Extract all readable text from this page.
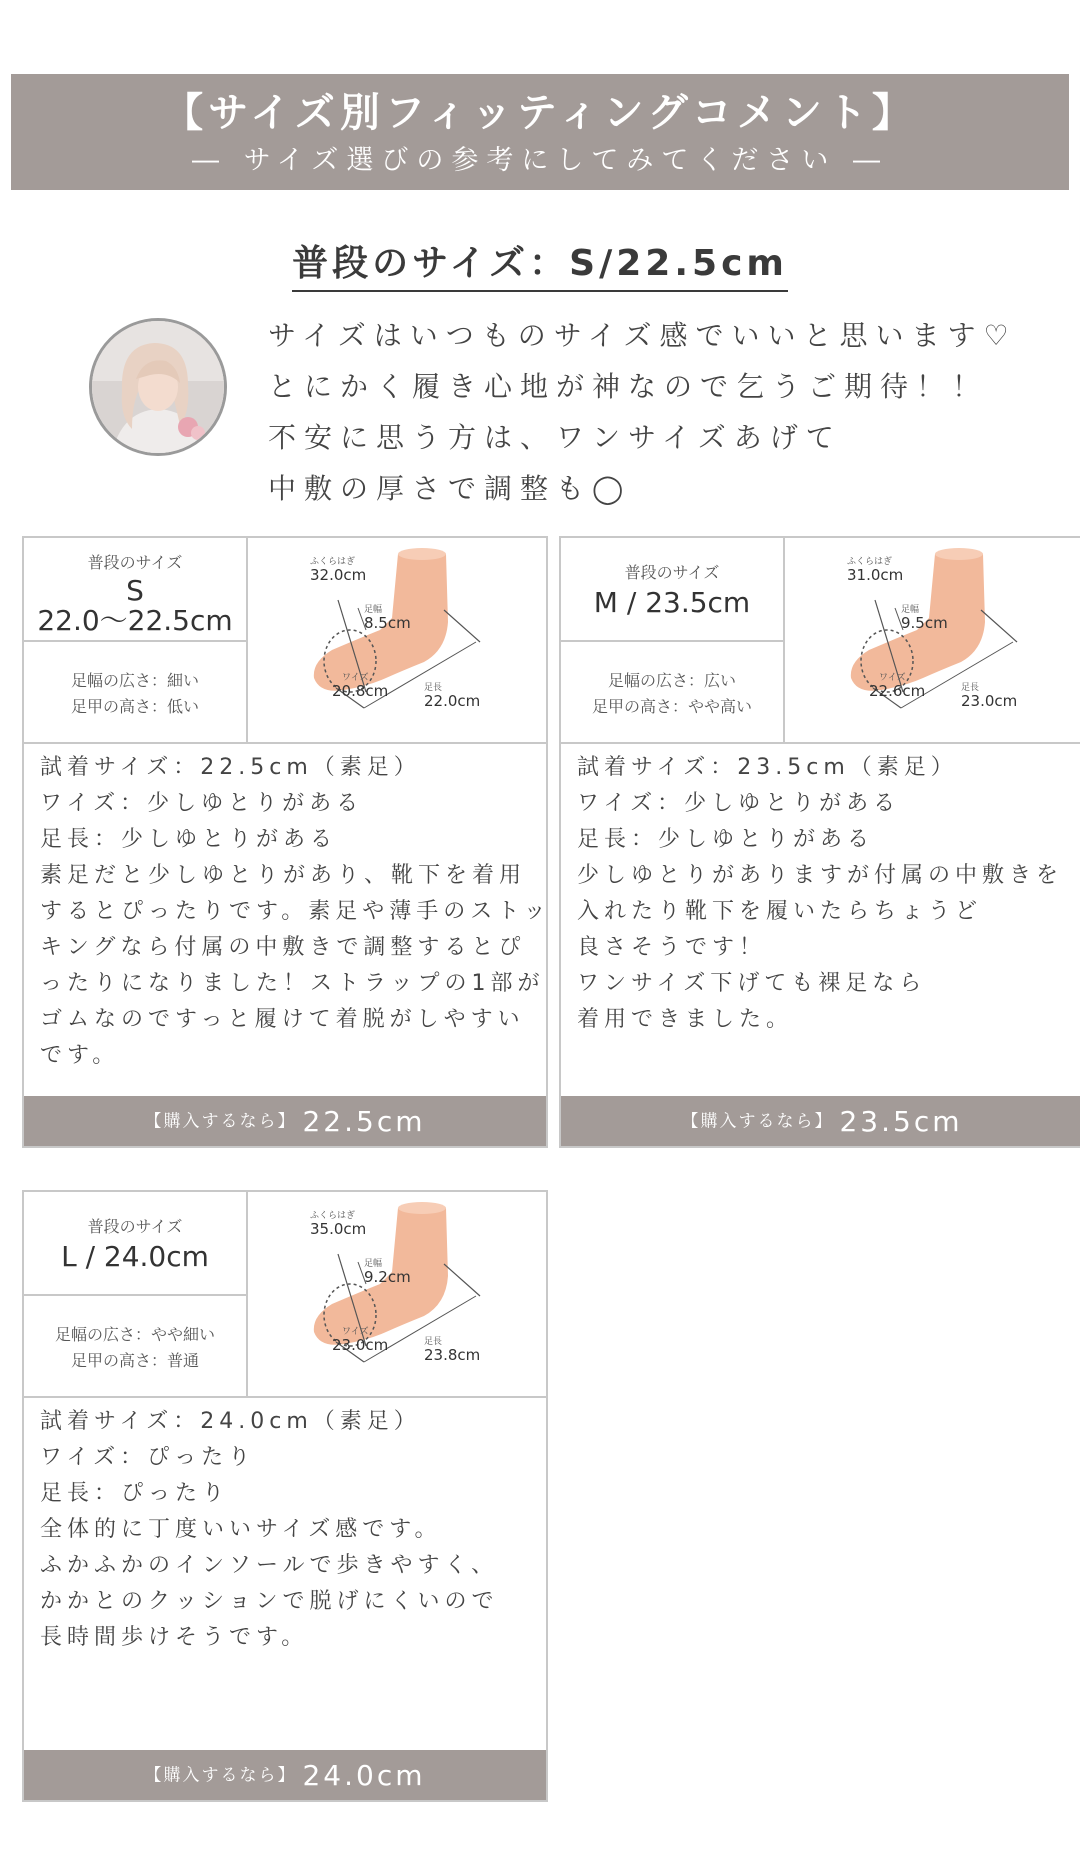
【サイズ別フィッティングコメント】
― サイズ選びの参考にしてみてください ―
普段のサイズ：S/22.5cm
サイズはいつものサイズ感でいいと思います♡
とにかく履き心地が神なので乞うご期待！！
不安に思う方は、ワンサイズあげて
中敷の厚さで調整も◯
普段のサイズ
S
22.0〜22.5cm
足幅の広さ：細い
足甲の高さ：低い
ふくらはぎ
32.0cm
足幅
8.5cm
ワイズ
20.8cm	足長
22.0cm
試着サイズ：22.5cm（素足）
ワイズ：少しゆとりがある
足長：少しゆとりがある
素足だと少しゆとりがあり、靴下を着用
するとぴったりです。素足や薄手のストッ
キングなら付属の中敷きで調整するとぴ
ったりになりました！ストラップの1部が
ゴムなのですっと履けて着脱がしやすい
です。
【購入するなら】 22.5cm
普段のサイズ
M / 23.5cm
足幅の広さ：広い
足甲の高さ：やや高い
ふくらはぎ
31.0cm
足幅
9.5cm
ワイズ
22.6cm	足長
23.0cm
試着サイズ：23.5cm（素足）
ワイズ：少しゆとりがある
足長：少しゆとりがある
少しゆとりがありますが付属の中敷きを
入れたり靴下を履いたらちょうど
良さそうです！
ワンサイズ下げても裸足なら
着用できました。
【購入するなら】 23.5cm
普段のサイズ
L / 24.0cm
足幅の広さ：やや細い
足甲の高さ：普通
ふくらはぎ
35.0cm
足幅
9.2cm
ワイズ
23.0cm	足長
23.8cm
試着サイズ：24.0cm（素足）
ワイズ：ぴったり
足長：ぴったり
全体的に丁度いいサイズ感です。
ふかふかのインソールで歩きやすく、
かかとのクッションで脱げにくいので
長時間歩けそうです。
【購入するなら】 24.0cm
